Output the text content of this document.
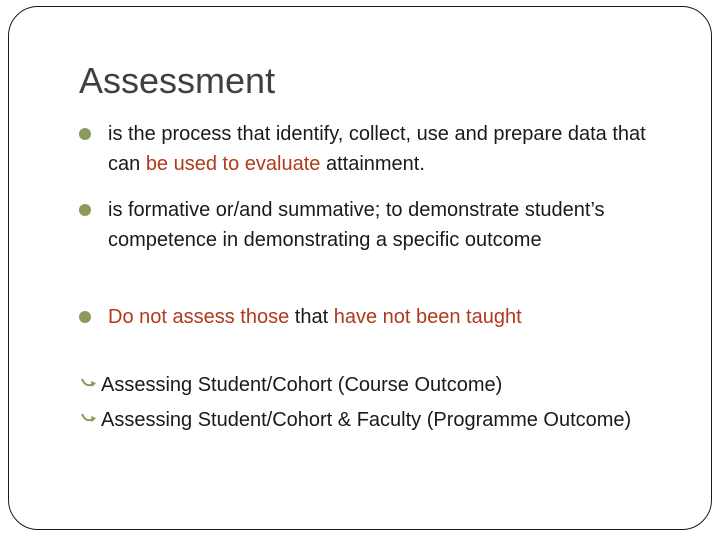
Assessment
is the process that identify, collect, use and prepare data that can be used to evaluate attainment.
is formative or/and summative; to demonstrate student’s competence in demonstrating a specific outcome
Do not assess those that have not been taught
Assessing Student/Cohort (Course Outcome)
Assessing Student/Cohort & Faculty (Programme Outcome)
